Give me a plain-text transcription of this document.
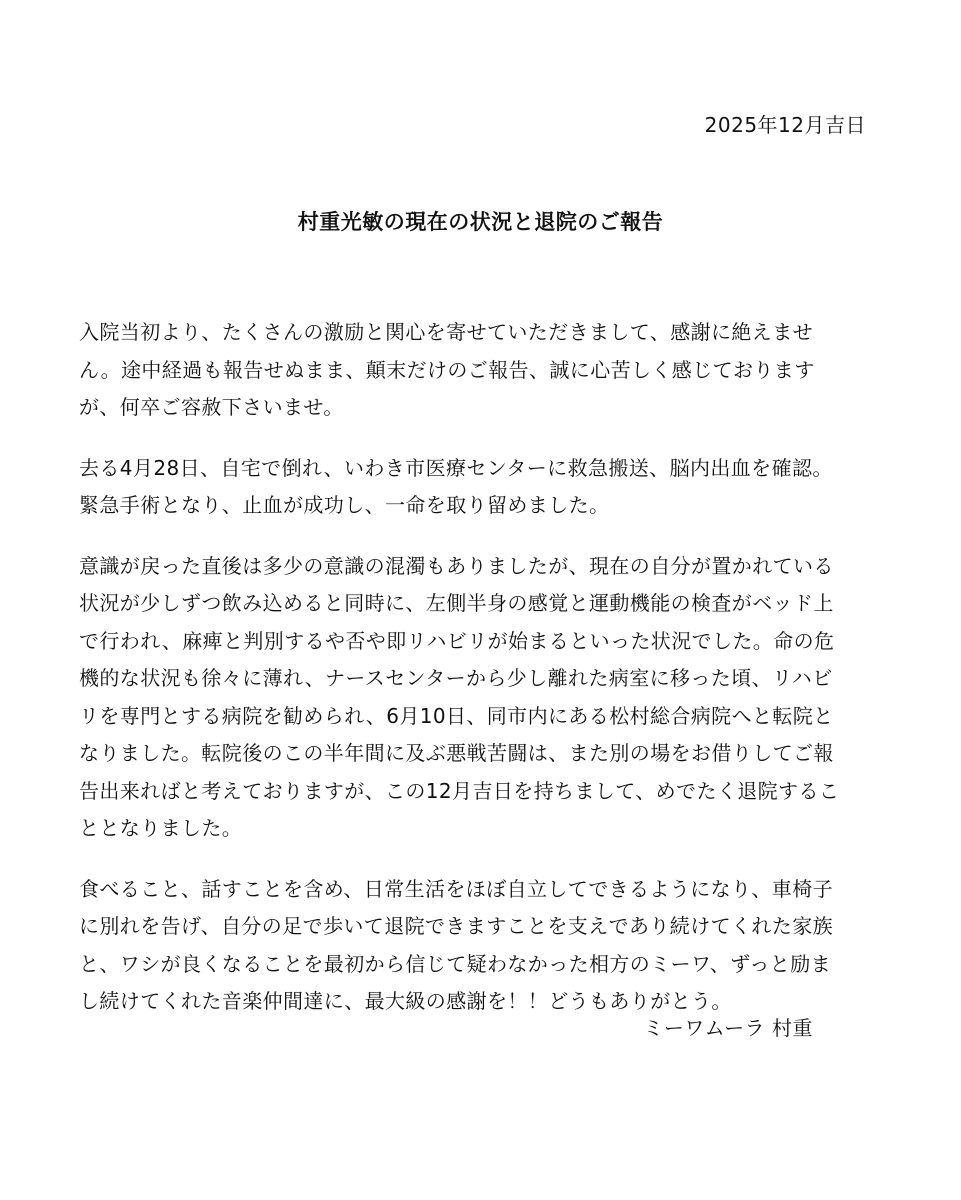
2025年12月吉日
村重光敏の現在の状況と退院のご報告
入院当初より、たくさんの激励と関心を寄せていただきまして、感謝に絶えませ
ん。途中経過も報告せぬまま、顛末だけのご報告、誠に心苦しく感じております
が、何卒ご容赦下さいませ。
去る4月28日、自宅で倒れ、いわき市医療センターに救急搬送、脳内出血を確認。
緊急手術となり、止血が成功し、一命を取り留めました。
意識が戻った直後は多少の意識の混濁もありましたが、現在の自分が置かれている
状況が少しずつ飲み込めると同時に、左側半身の感覚と運動機能の検査がベッド上
で行われ、麻痺と判別するや否や即リハビリが始まるといった状況でした。命の危
機的な状況も徐々に薄れ、ナースセンターから少し離れた病室に移った頃、リハビ
リを専門とする病院を勧められ、6月10日、同市内にある松村総合病院へと転院と
なりました。転院後のこの半年間に及ぶ悪戦苦闘は、また別の場をお借りしてご報
告出来ればと考えておりますが、この12月吉日を持ちまして、めでたく退院するこ
ととなりました。
食べること、話すことを含め、日常生活をほぼ自立してできるようになり、車椅子
に別れを告げ、自分の足で歩いて退院できますことを支えであり続けてくれた家族
と、ワシが良くなることを最初から信じて疑わなかった相方のミーワ、ずっと励ま
し続けてくれた音楽仲間達に、最大級の感謝を！！どうもありがとう。
ミーワムーラ 村重
